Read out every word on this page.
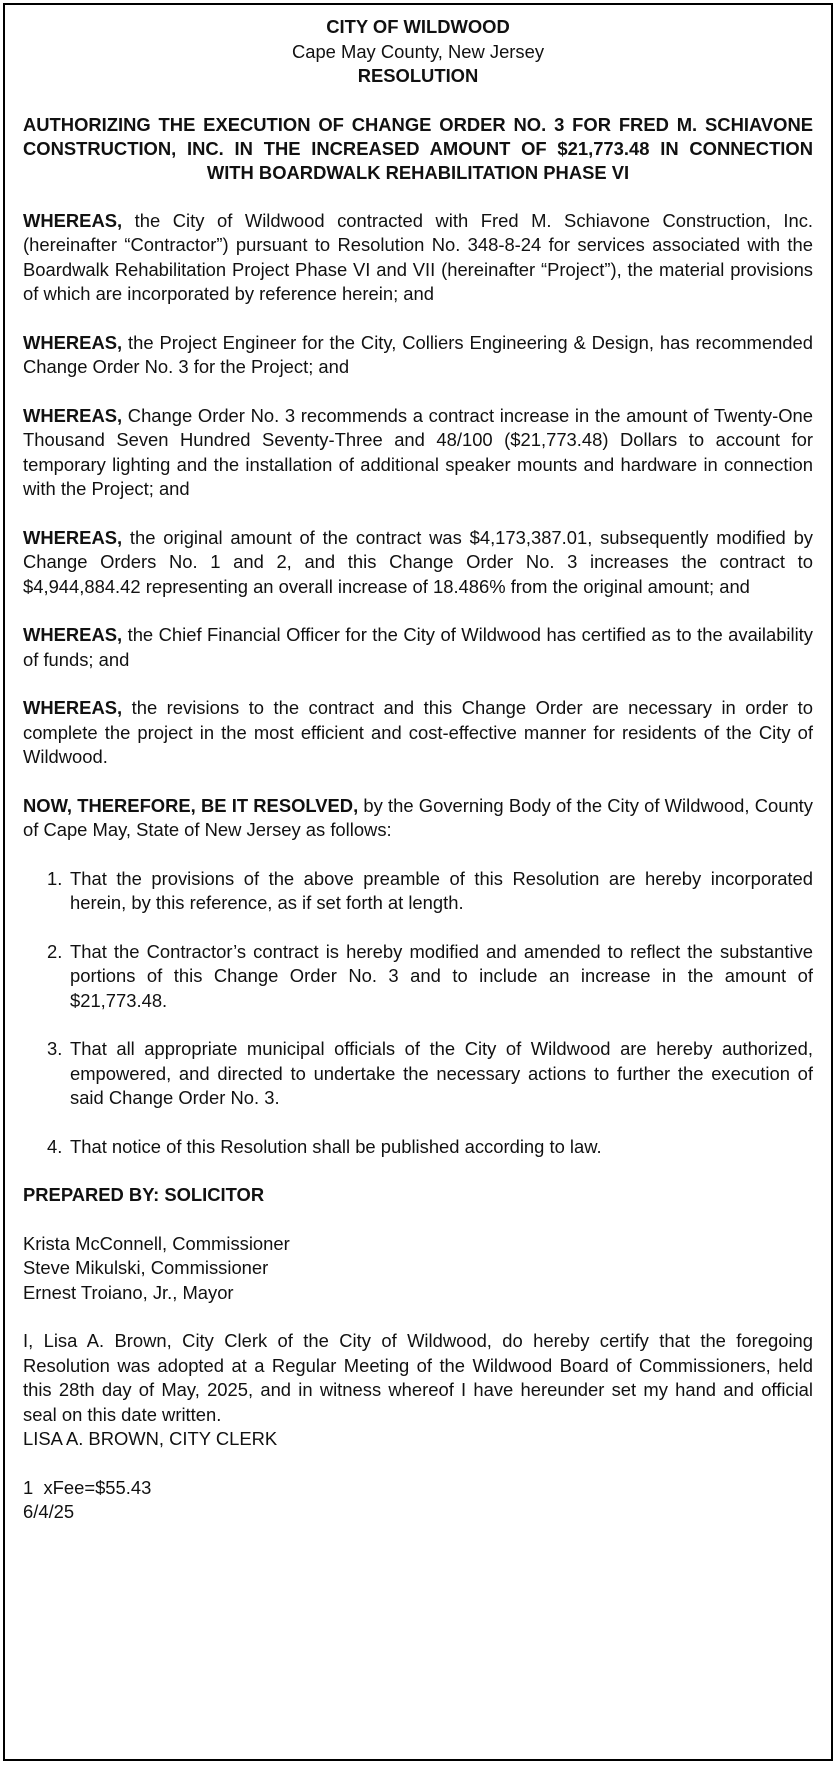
CITY OF WILDWOOD
Cape May County, New Jersey
RESOLUTION
AUTHORIZING THE EXECUTION OF CHANGE ORDER NO. 3 FOR FRED M. SCHIAVONE CONSTRUCTION, INC. IN THE INCREASED AMOUNT OF $21,773.48 IN CONNECTION WITH BOARDWALK REHABILITATION PHASE VI
WHEREAS, the City of Wildwood contracted with Fred M. Schiavone Construction, Inc. (hereinafter “Contractor”) pursuant to Resolution No. 348-8-24 for services associated with the Boardwalk Rehabilitation Project Phase VI and VII (hereinafter “Project”), the material provisions of which are incorporated by reference herein; and
WHEREAS, the Project Engineer for the City, Colliers Engineering & Design, has recommended Change Order No. 3 for the Project; and
WHEREAS, Change Order No. 3 recommends a contract increase in the amount of Twenty-One Thousand Seven Hundred Seventy-Three and 48/100 ($21,773.48) Dollars to account for temporary lighting and the installation of additional speaker mounts and hardware in connection with the Project; and
WHEREAS, the original amount of the contract was $4,173,387.01, subsequently modified by Change Orders No. 1 and 2, and this Change Order No. 3 increases the contract to $4,944,884.42 representing an overall increase of 18.486% from the original amount; and
WHEREAS, the Chief Financial Officer for the City of Wildwood has certified as to the availability of funds; and
WHEREAS, the revisions to the contract and this Change Order are necessary in order to complete the project in the most efficient and cost-effective manner for residents of the City of Wildwood.
NOW, THEREFORE, BE IT RESOLVED, by the Governing Body of the City of Wildwood, County of Cape May, State of New Jersey as follows:
1. That the provisions of the above preamble of this Resolution are hereby incorporated herein, by this reference, as if set forth at length.
2. That the Contractor’s contract is hereby modified and amended to reflect the substantive portions of this Change Order No. 3 and to include an increase in the amount of $21,773.48.
3. That all appropriate municipal officials of the City of Wildwood are hereby authorized, empowered, and directed to undertake the necessary actions to further the execution of said Change Order No. 3.
4. That notice of this Resolution shall be published according to law.
PREPARED BY: SOLICITOR
Krista McConnell, Commissioner
Steve Mikulski, Commissioner
Ernest Troiano, Jr., Mayor
I, Lisa A. Brown, City Clerk of the City of Wildwood, do hereby certify that the foregoing Resolution was adopted at a Regular Meeting of the Wildwood Board of Commissioners, held this 28th day of May, 2025, and in witness whereof I have hereunder set my hand and official seal on this date written.
LISA A. BROWN, CITY CLERK
1  xFee=$55.43
6/4/25
